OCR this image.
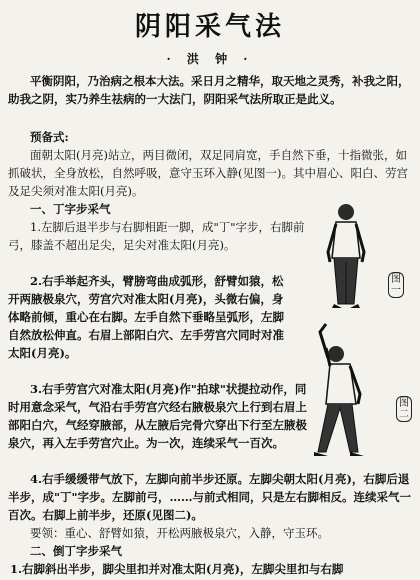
阴阳采气法
· 洪 钟 ·
平衡阴阳，乃治病之根本大法。采日月之精华，取天地之灵秀，补我之阳，助我之阴，实乃养生祛病的一大法门，阴阳采气法所取正是此义。
预备式:
面朝太阳(月亮)站立，两目微闭，双足同肩宽，手自然下垂，十指微张，如抓破状，全身放松，自然呼吸，意守玉环入静(见图一)。其中眉心、阳白、劳宫及足尖须对准太阳(月亮)。
一、丁字步采气
1.左脚后退半步与右脚相距一脚，成"丁"字步，右脚前弓，膝盖不超出足尖，足尖对准太阳(月亮)。
2.右手举起齐头，臂膀弯曲成弧形，舒臂如猿，松开两腋极泉穴，劳宫穴对准太阳(月亮)，头微右偏，身体略前倾，重心在右脚。左手自然下垂略呈弧形，左脚自然放松伸直。右眉上部阳白穴、左手劳宫穴同时对准太阳(月亮)。
3.右手劳宫穴对准太阳(月亮)作"拍球"状提拉动作，同时用意念采气，气沿右手劳宫穴经右腋极泉穴上行到右眉上部阳白穴，气经穿腋部，从左腋后完骨穴穿出下行至左腋极泉穴，再入左手劳宫穴止。为一次，连续采气一百次。
4.右手缓缓带气放下，左脚向前半步还原。左脚尖朝太阳(月亮)，右脚后退半步，成"丁"字步。左脚前弓，……与前式相同，只是左右脚相反。连续采气一百次。右脚上前半步，还原(见图二)。
要领：重心、舒臂如猿，开松两腋极泉穴，入静，守玉环。
二、倒丁字步采气
1.右脚斜出半步，脚尖里扣并对准太阳(月亮)，左脚尖里扣与右脚
图一
图二
